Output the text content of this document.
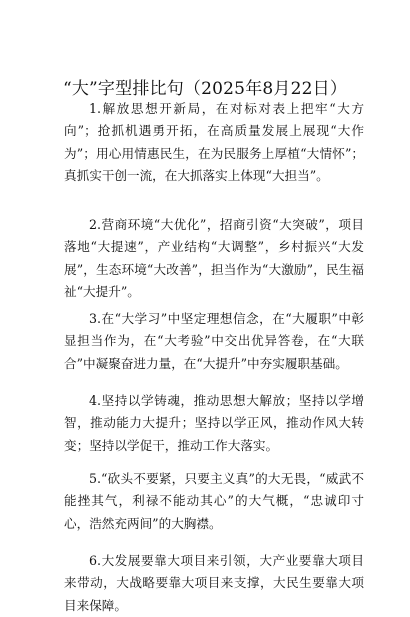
“大”字型排比句（2025年8月22日）

1.解放思想开新局，在对标对表上把牢“大方向”；抢抓机遇勇开拓，在高质量发展上展现“大作为”；用心用情惠民生，在为民服务上厚植“大情怀”；真抓实干创一流，在大抓落实上体现“大担当”。

2.营商环境“大优化”，招商引资“大突破”，项目落地“大提速”，产业结构“大调整”，乡村振兴“大发展”，生态环境“大改善”，担当作为“大激励”，民生福祉“大提升”。

3.在“大学习”中坚定理想信念，在“大履职”中彰显担当作为，在“大考验”中交出优异答卷，在“大联合”中凝聚奋进力量，在“大提升”中夯实履职基础。

4.坚持以学铸魂，推动思想大解放；坚持以学增智，推动能力大提升；坚持以学正风，推动作风大转变；坚持以学促干，推动工作大落实。

5.“砍头不要紧，只要主义真”的大无畏，“威武不能挫其气，利禄不能动其心”的大气概，“忠诚印寸心，浩然充两间”的大胸襟。

6.大发展要靠大项目来引领，大产业要靠大项目来带动，大战略要靠大项目来支撑，大民生要靠大项目来保障。
